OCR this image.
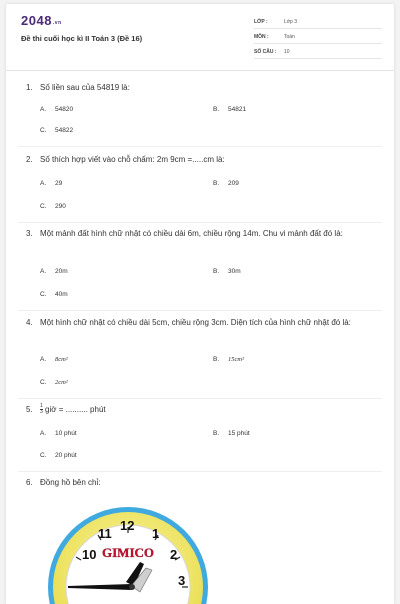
2048.vn
Đề thi cuối học kì II Toán 3 (Đề 16)
LỚP :	Lớp 3
MÔN :	Toán
SỐ CÂU : 10
1. Số liền sau của 54819 là:
A. 54820	B. 54821
C. 54822
2. Số thích hợp viết vào chỗ chấm: 2m 9cm =.....cm là:
A. 29	B. 209
C. 290
3. Một mảnh đất hình chữ nhật có chiều dài 6m, chiều rộng 14m. Chu vi mảnh đất đó là:
A. 20m	B. 30m
C. 40m
4. Một hình chữ nhật có chiều dài 5cm, chiều rộng 3cm. Diện tích của hình chữ nhật đó là:
A. 8cm²	B. 15cm²
C. 2cm²
5. $\frac{1}{3}$ giờ = .......... phút
A. 10 phút	B. 15 phút
C. 20 phút
6. Đồng hồ bên chỉ:
10
11
12
1
2
3
GIMICO
